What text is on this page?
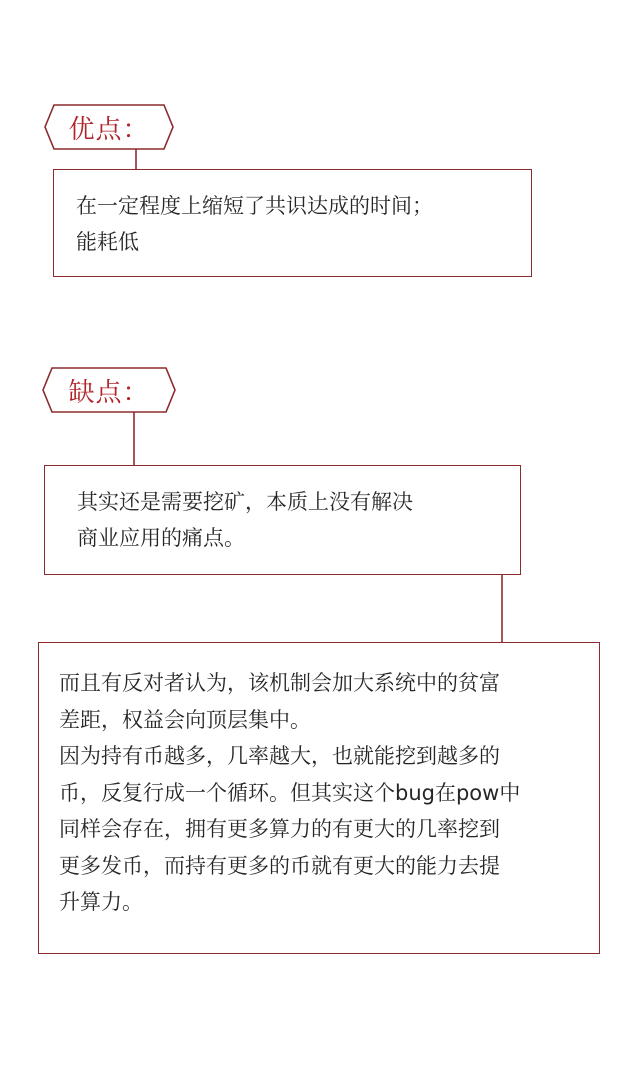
优点：
在一定程度上缩短了共识达成的时间；
能耗低
缺点：
其实还是需要挖矿，本质上没有解决
商业应用的痛点。
而且有反对者认为，该机制会加大系统中的贫富
差距，权益会向顶层集中。
因为持有币越多，几率越大，也就能挖到越多的
币，反复行成一个循环。但其实这个bug在pow中
同样会存在，拥有更多算力的有更大的几率挖到
更多发币，而持有更多的币就有更大的能力去提
升算力。
